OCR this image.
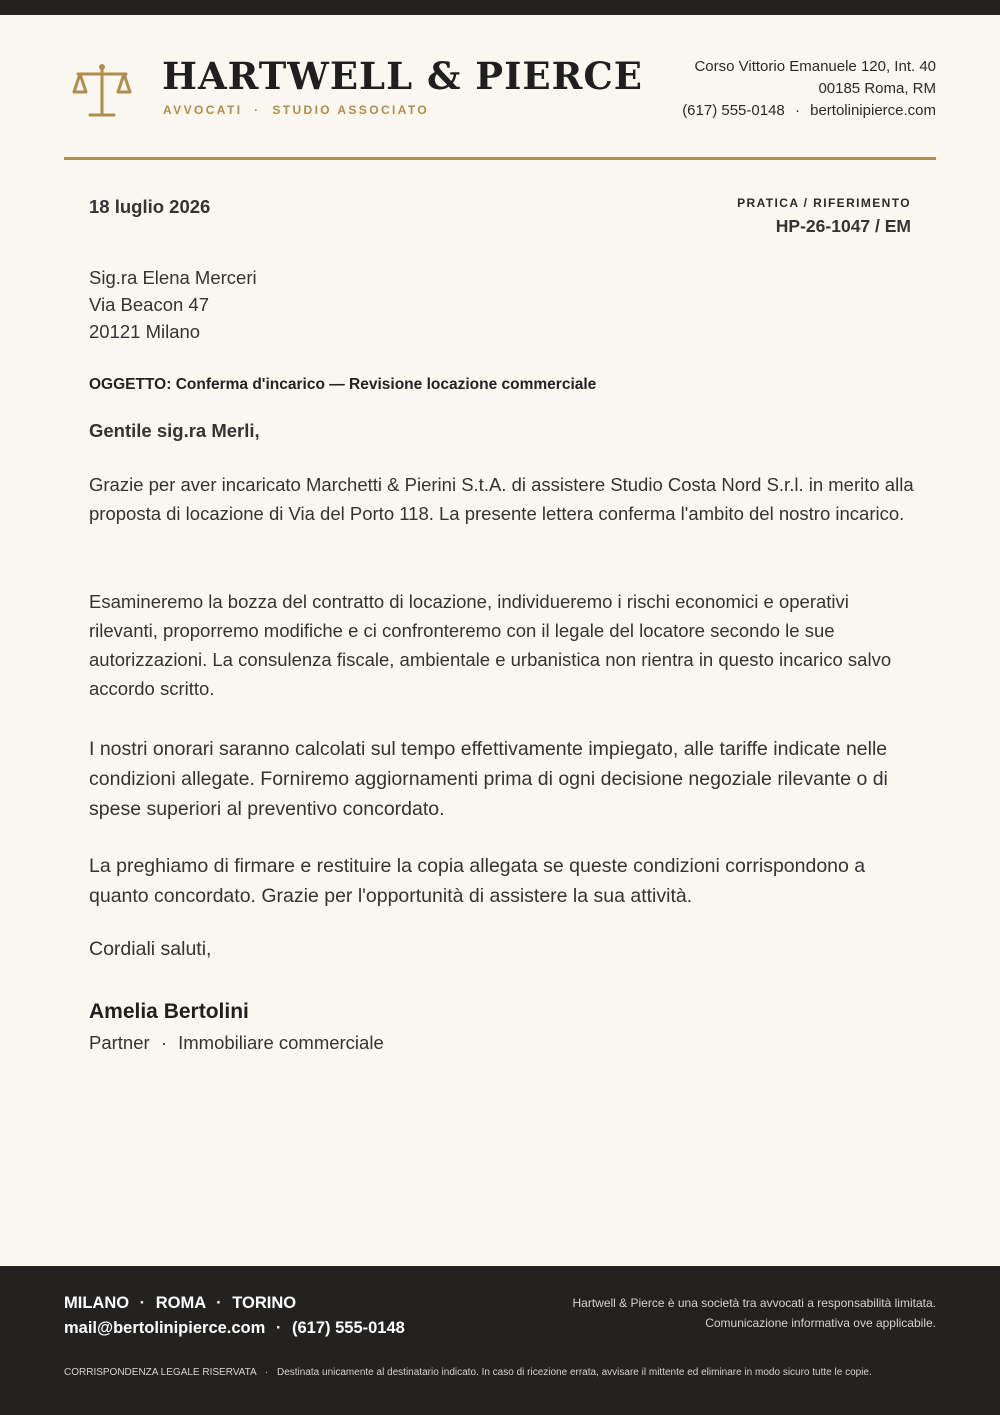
HARTWELL & PIERCE
AVVOCATI · STUDIO ASSOCIATO
Corso Vittorio Emanuele 120, Int. 40
00185 Roma, RM
(617) 555-0148 · bertolinipierce.com
18 luglio 2026	PRATICA / RIFERIMENTO
HP-26-1047 / EM
Sig.ra Elena Merceri
Via Beacon 47
20121 Milano
OGGETTO: Conferma d'incarico — Revisione locazione commerciale
Gentile sig.ra Merli,
Grazie per aver incaricato Marchetti & Pierini S.t.A. di assistere Studio Costa Nord S.r.l. in merito alla proposta di locazione di Via del Porto 118. La presente lettera conferma l'ambito del nostro incarico.
Esamineremo la bozza del contratto di locazione, individueremo i rischi economici e operativi rilevanti, proporremo modifiche e ci confronteremo con il legale del locatore secondo le sue autorizzazioni. La consulenza fiscale, ambientale e urbanistica non rientra in questo incarico salvo accordo scritto.
I nostri onorari saranno calcolati sul tempo effettivamente impiegato, alle tariffe indicate nelle condizioni allegate. Forniremo aggiornamenti prima di ogni decisione negoziale rilevante o di spese superiori al preventivo concordato.
La preghiamo di firmare e restituire la copia allegata se queste condizioni corrispondono a quanto concordato. Grazie per l'opportunità di assistere la sua attività.
Cordiali saluti,
Amelia Bertolini
Partner · Immobiliare commerciale
MILANO · ROMA · TORINO
mail@bertolinipierce.com · (617) 555-0148
Hartwell & Pierce è una società tra avvocati a responsabilità limitata.
Comunicazione informativa ove applicabile.
CORRISPONDENZA LEGALE RISERVATA · Destinata unicamente al destinatario indicato. In caso di ricezione errata, avvisare il mittente ed eliminare in modo sicuro tutte le copie.
